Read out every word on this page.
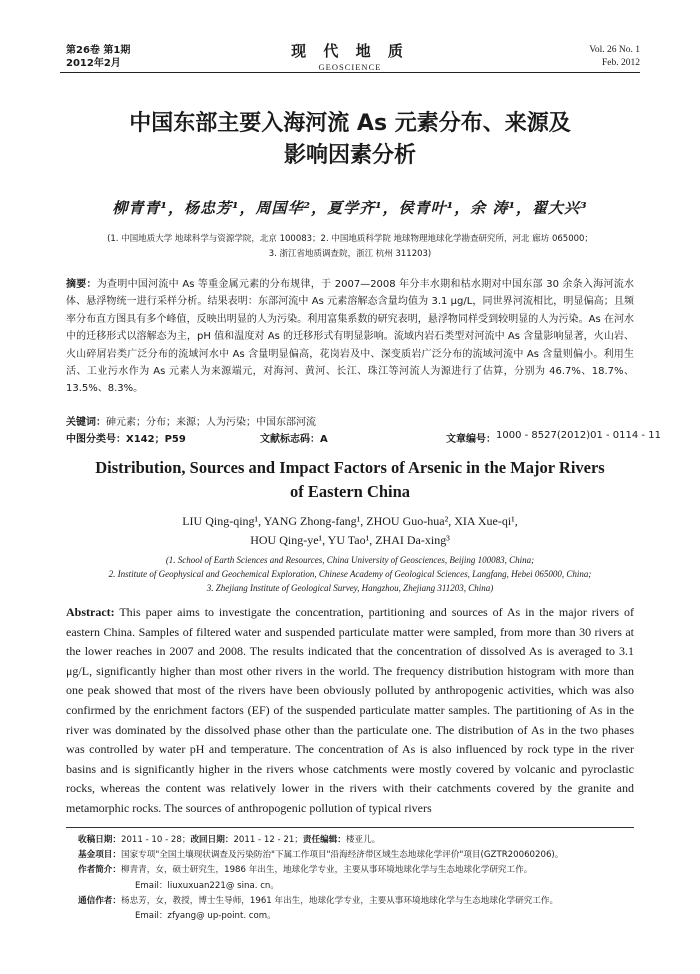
第26卷 第1期
2012年2月
现 代 地 质
GEOSCIENCE
Vol. 26 No. 1
Feb. 2012
中国东部主要入海河流 As 元素分布、来源及
影响因素分析
柳青青¹，杨忠芳¹，周国华²，夏学齐¹，侯青叶¹，余 涛¹，翟大兴³
(1. 中国地质大学 地球科学与资源学院，北京 100083；2. 中国地质科学院 地球物理地球化学勘查研究所，河北 廊坊 065000；
3. 浙江省地质调查院，浙江 杭州 311203)
摘要：为查明中国河流中 As 等重金属元素的分布规律，于 2007—2008 年分丰水期和枯水期对中国东部 30 余条入海河流水体、悬浮物统一进行采样分析。结果表明：东部河流中 As 元素溶解态含量均值为 3.1 μg/L，同世界河流相比，明显偏高；且频率分布直方图具有多个峰值，反映出明显的人为污染。利用富集系数的研究表明，悬浮物同样受到较明显的人为污染。As 在河水中的迁移形式以溶解态为主，pH 值和温度对 As 的迁移形式有明显影响。流域内岩石类型对河流中 As 含量影响显著，火山岩、火山碎屑岩类广泛分布的流域河水中 As 含量明显偏高，花岗岩及中、深变质岩广泛分布的流域河流中 As 含量则偏小。利用生活、工业污水作为 As 元素人为来源端元，对海河、黄河、长江、珠江等河流人为源进行了估算，分别为 46.7%、18.7%、13.5%、8.3%。
关键词：砷元素；分布；来源；人为污染；中国东部河流
中图分类号：X142；P59	文献标志码：A	文章编号： 1000 - 8527(2012)01 - 0114 - 11
Distribution, Sources and Impact Factors of Arsenic in the Major Rivers
of Eastern China
LIU Qing-qing¹, YANG Zhong-fang¹, ZHOU Guo-hua², XIA Xue-qi¹,
HOU Qing-ye¹, YU Tao¹, ZHAI Da-xing³
(1. School of Earth Sciences and Resources, China University of Geosciences, Beijing 100083, China;
2. Institute of Geophysical and Geochemical Exploration, Chinese Academy of Geological Sciences, Langfang, Hebei 065000, China;
3. Zhejiang Institute of Geological Survey, Hangzhou, Zhejiang 311203, China)
Abstract: This paper aims to investigate the concentration, partitioning and sources of As in the major rivers of eastern China. Samples of filtered water and suspended particulate matter were sampled, from more than 30 rivers at the lower reaches in 2007 and 2008. The results indicated that the concentration of dissolved As is averaged to 3.1 μg/L, significantly higher than most other rivers in the world. The frequency distribution histogram with more than one peak showed that most of the rivers have been obviously polluted by anthropogenic activities, which was also confirmed by the enrichment factors (EF) of the suspended particulate matter samples. The partitioning of As in the river was dominated by the dissolved phase other than the particulate one. The distribution of As in the two phases was controlled by water pH and temperature. The concentration of As is also influenced by rock type in the river basins and is significantly higher in the rivers whose catchments were mostly covered by volcanic and pyroclastic rocks, whereas the content was relatively lower in the rivers with their catchments covered by the granite and metamorphic rocks. The sources of anthropogenic pollution of typical rivers
收稿日期：2011 - 10 - 28；改回日期：2011 - 12 - 21；责任编辑：楼亚儿。
基金项目：国家专项"全国土壤现状调查及污染防治"下属工作项目"沿海经济带区域生态地球化学评价"项目(GZTR20060206)。
作者简介：柳青青，女，硕士研究生，1986 年出生，地球化学专业，主要从事环境地球化学与生态地球化学研究工作。
Email：liuxuxuan221@ sina. cn。
通信作者：杨忠芳，女，教授，博士生导师，1961 年出生，地球化学专业，主要从事环境地球化学与生态地球化学研究工作。
Email：zfyang@ up-point. com。
